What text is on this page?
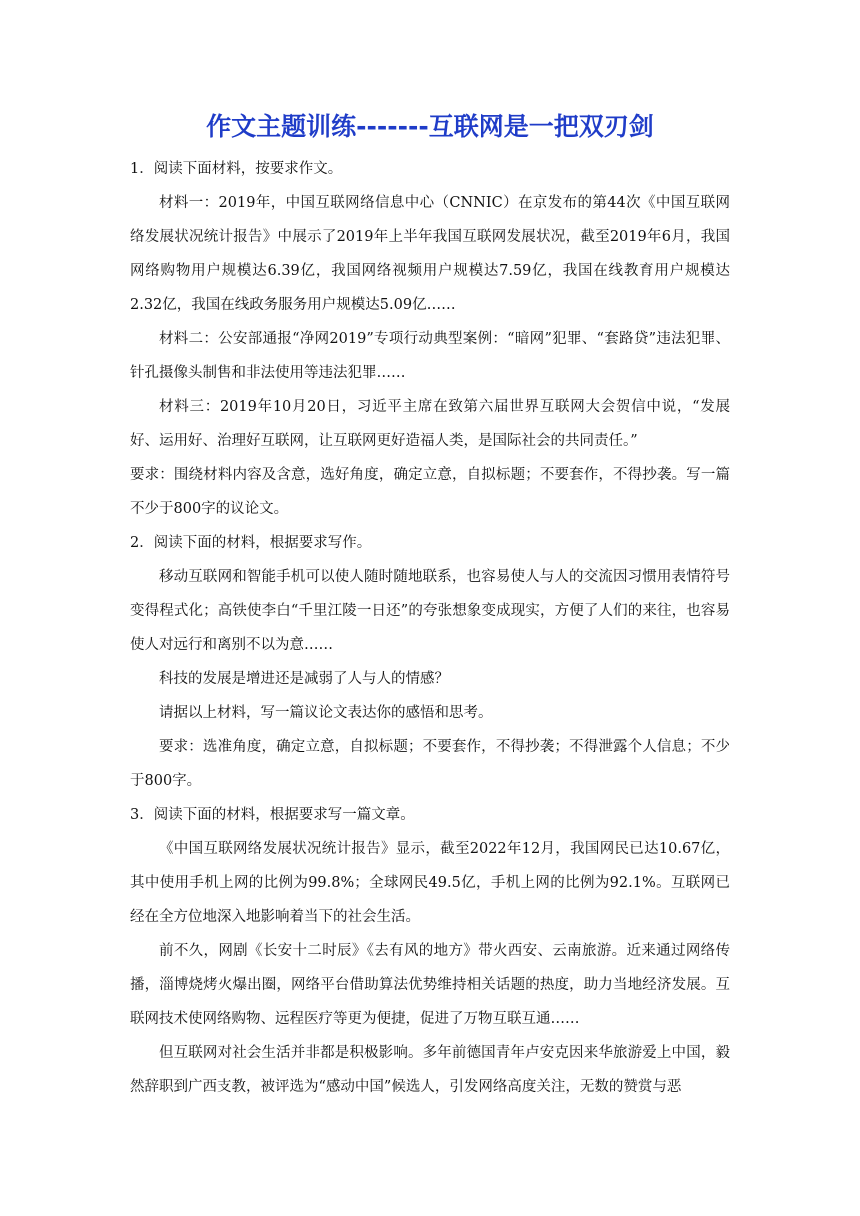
作文主题训练-------互联网是一把双刃剑

1．阅读下面材料，按要求作文。

材料一：2019年，中国互联网络信息中心（CNNIC）在京发布的第44次《中国互联网络发展状况统计报告》中展示了2019年上半年我国互联网发展状况，截至2019年6月，我国网络购物用户规模达6.39亿，我国网络视频用户规模达7.59亿，我国在线教育用户规模达2.32亿，我国在线政务服务用户规模达5.09亿……

材料二：公安部通报“净网2019”专项行动典型案例：“暗网”犯罪、“套路贷”违法犯罪、针孔摄像头制售和非法使用等违法犯罪……

材料三：2019年10月20日，习近平主席在致第六届世界互联网大会贺信中说，“发展好、运用好、治理好互联网，让互联网更好造福人类，是国际社会的共同责任。”

要求：围绕材料内容及含意，选好角度，确定立意，自拟标题；不要套作，不得抄袭。写一篇不少于800字的议论文。

2．阅读下面的材料，根据要求写作。

移动互联网和智能手机可以使人随时随地联系，也容易使人与人的交流因习惯用表情符号变得程式化；高铁使李白“千里江陵一日还”的夸张想象变成现实，方便了人们的来往，也容易使人对远行和离别不以为意……

科技的发展是增进还是减弱了人与人的情感？

请据以上材料，写一篇议论文表达你的感悟和思考。

要求：选准角度，确定立意，自拟标题；不要套作，不得抄袭；不得泄露个人信息；不少于800字。

3．阅读下面的材料，根据要求写一篇文章。

《中国互联网络发展状况统计报告》显示，截至2022年12月，我国网民已达10.67亿，其中使用手机上网的比例为99.8%；全球网民49.5亿，手机上网的比例为92.1%。互联网已经在全方位地深入地影响着当下的社会生活。

前不久，网剧《长安十二时辰》《去有风的地方》带火西安、云南旅游。近来通过网络传播，淄博烧烤火爆出圈，网络平台借助算法优势维持相关话题的热度，助力当地经济发展。互联网技术使网络购物、远程医疗等更为便捷，促进了万物互联互通……

但互联网对社会生活并非都是积极影响。多年前德国青年卢安克因来华旅游爱上中国，毅然辞职到广西支教，被评选为“感动中国”候选人，引发网络高度关注，无数的赞赏与恶
